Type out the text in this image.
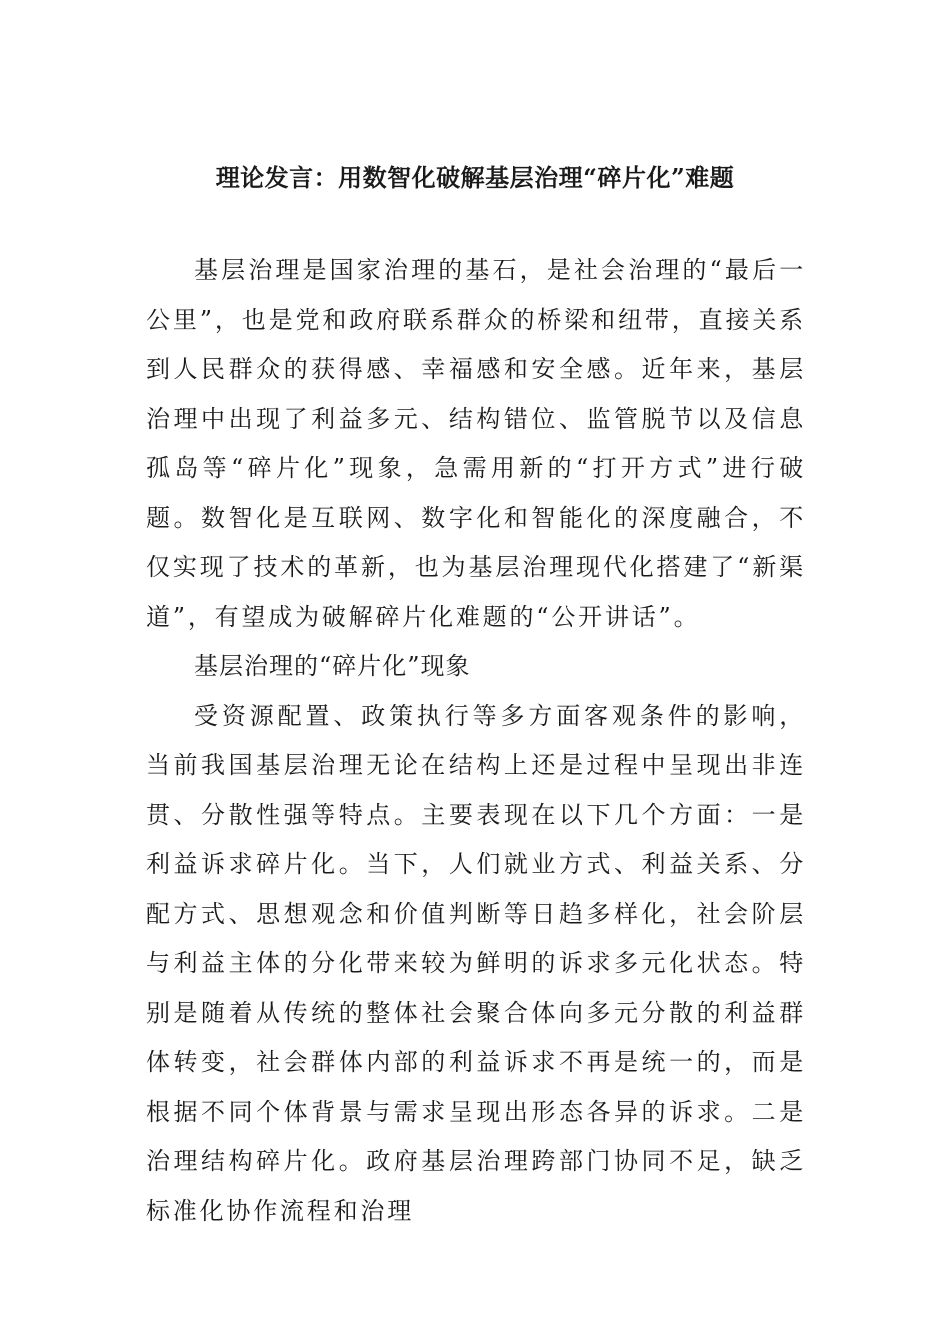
理论发言：用数智化破解基层治理“碎片化”难题

基层治理是国家治理的基石，是社会治理的“最后一公里”，也是党和政府联系群众的桥梁和纽带，直接关系到人民群众的获得感、幸福感和安全感。近年来，基层治理中出现了利益多元、结构错位、监管脱节以及信息孤岛等“碎片化”现象，急需用新的“打开方式”进行破题。数智化是互联网、数字化和智能化的深度融合，不仅实现了技术的革新，也为基层治理现代化搭建了“新渠道”，有望成为破解碎片化难题的“公开讲话”。

基层治理的“碎片化”现象

受资源配置、政策执行等多方面客观条件的影响，当前我国基层治理无论在结构上还是过程中呈现出非连贯、分散性强等特点。主要表现在以下几个方面：一是利益诉求碎片化。当下，人们就业方式、利益关系、分配方式、思想观念和价值判断等日趋多样化，社会阶层与利益主体的分化带来较为鲜明的诉求多元化状态。特别是随着从传统的整体社会聚合体向多元分散的利益群体转变，社会群体内部的利益诉求不再是统一的，而是根据不同个体背景与需求呈现出形态各异的诉求。二是治理结构碎片化。政府基层治理跨部门协同不足，缺乏标准化协作流程和治理
